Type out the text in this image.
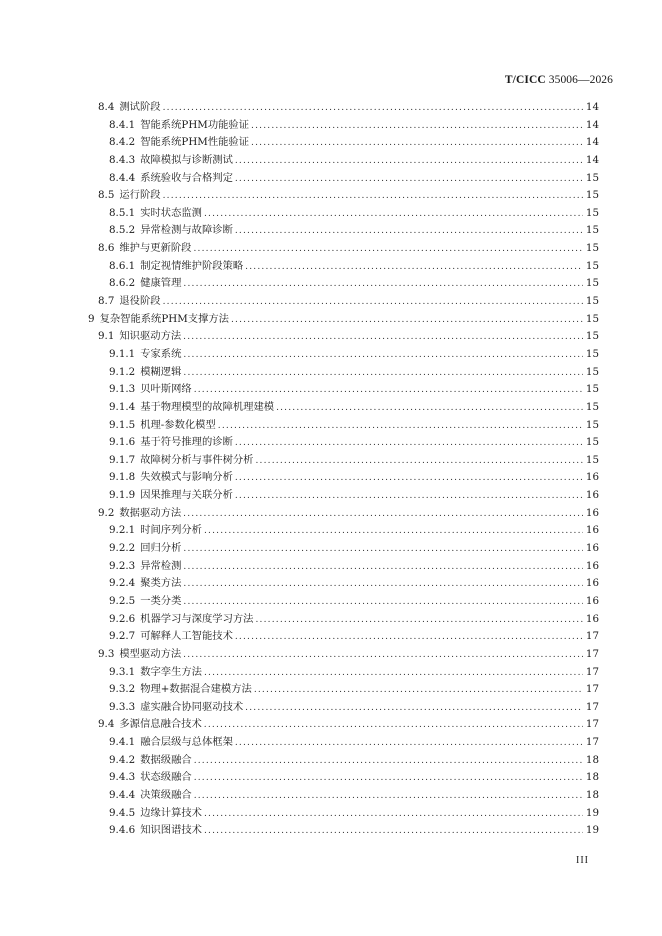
T/CICC 35006—2026
8.4 测试阶段 .....	14
8.4.1 智能系统PHM功能验证 .....	14
8.4.2 智能系统PHM性能验证 .....	14
8.4.3 故障模拟与诊断测试 .....	14
8.4.4 系统验收与合格判定 .....	15
8.5 运行阶段 .....	15
8.5.1 实时状态监测 .....	15
8.5.2 异常检测与故障诊断 .....	15
8.6 维护与更新阶段 .....	15
8.6.1 制定视情维护阶段策略 .....	15
8.6.2 健康管理 .....	15
8.7 退役阶段 .....	15
9 复杂智能系统PHM支撑方法 .....	15
9.1 知识驱动方法 .....	15
9.1.1 专家系统 .....	15
9.1.2 模糊逻辑 .....	15
9.1.3 贝叶斯网络 .....	15
9.1.4 基于物理模型的故障机理建模 .....	15
9.1.5 机理-参数化模型 .....	15
9.1.6 基于符号推理的诊断 .....	15
9.1.7 故障树分析与事件树分析 .....	15
9.1.8 失效模式与影响分析 .....	16
9.1.9 因果推理与关联分析 .....	16
9.2 数据驱动方法 .....	16
9.2.1 时间序列分析 .....	16
9.2.2 回归分析 .....	16
9.2.3 异常检测 .....	16
9.2.4 聚类方法 .....	16
9.2.5 一类分类 .....	16
9.2.6 机器学习与深度学习方法 .....	16
9.2.7 可解释人工智能技术 .....	17
9.3 模型驱动方法 .....	17
9.3.1 数字孪生方法 .....	17
9.3.2 物理+数据混合建模方法 .....	17
9.3.3 虚实融合协同驱动技术 .....	17
9.4 多源信息融合技术 .....	17
9.4.1 融合层级与总体框架 .....	17
9.4.2 数据级融合 .....	18
9.4.3 状态级融合 .....	18
9.4.4 决策级融合 .....	18
9.4.5 边缘计算技术 .....	19
9.4.6 知识图谱技术 .....	19
III
